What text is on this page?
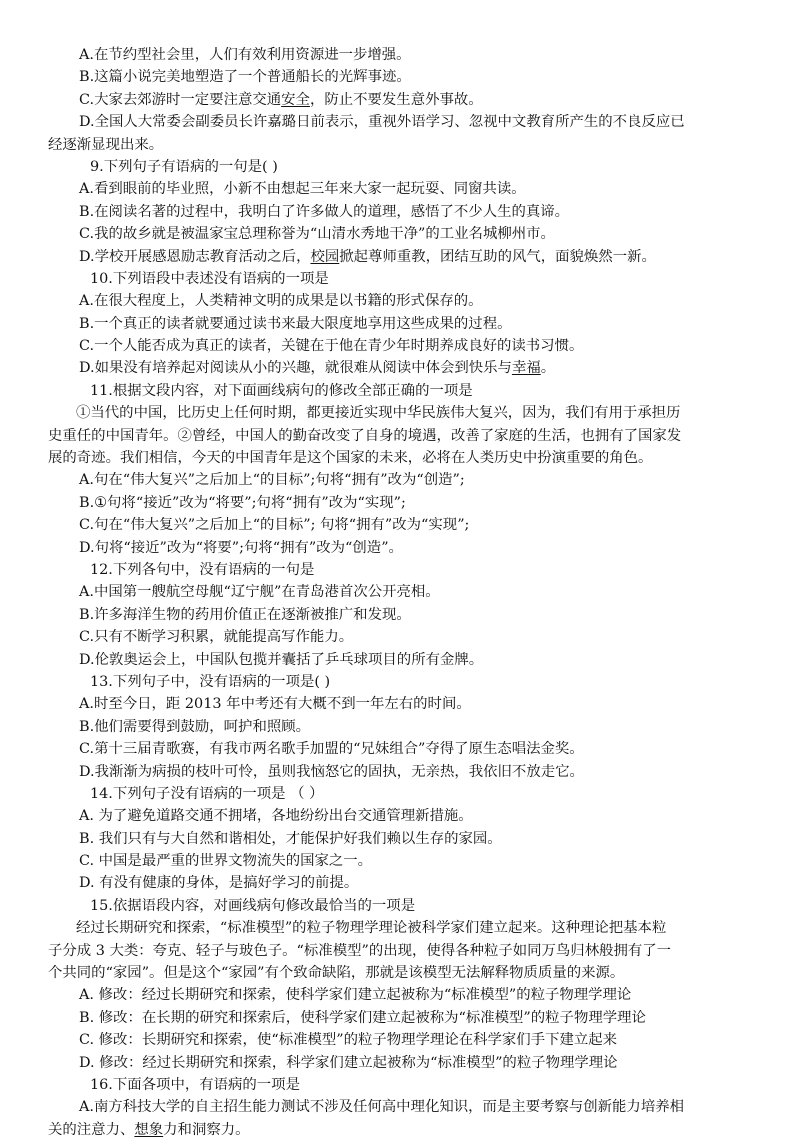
A.在节约型社会里，人们有效利用资源进一步增强。
B.这篇小说完美地塑造了一个普通船长的光辉事迹。
C.大家去郊游时一定要注意交通安全，防止不要发生意外事故。
D.全国人大常委会副委员长许嘉璐日前表示，重视外语学习、忽视中文教育所产生的不良反应已
经逐渐显现出来。
9.下列句子有语病的一句是( )
A.看到眼前的毕业照，小新不由想起三年来大家一起玩耍、同窗共读。
B.在阅读名著的过程中，我明白了许多做人的道理，感悟了不少人生的真谛。
C.我的故乡就是被温家宝总理称誉为“山清水秀地干净”的工业名城柳州市。
D.学校开展感恩励志教育活动之后，校园掀起尊师重教，团结互助的风气，面貌焕然一新。
10.下列语段中表述没有语病的一项是
A.在很大程度上，人类精神文明的成果是以书籍的形式保存的。
B.一个真正的读者就要通过读书来最大限度地享用这些成果的过程。
C.一个人能否成为真正的读者，关键在于他在青少年时期养成良好的读书习惯。
D.如果没有培养起对阅读从小的兴趣，就很难从阅读中体会到快乐与幸福。
11.根据文段内容，对下面画线病句的修改全部正确的一项是
①当代的中国，比历史上任何时期，都更接近实现中华民族伟大复兴，因为，我们有用于承担历
史重任的中国青年。②曾经，中国人的勤奋改变了自身的境遇，改善了家庭的生活，也拥有了国家发
展的奇迹。我们相信，今天的中国青年是这个国家的未来，必将在人类历史中扮演重要的角色。
A.句在“伟大复兴”之后加上“的目标”;句将“拥有”改为“创造”;
B.①句将“接近”改为“将要”;句将“拥有”改为“实现”;
C.句在“伟大复兴”之后加上“的目标”; 句将“拥有”改为“实现”;
D.句将“接近”改为“将要”;句将“拥有”改为“创造”。
12.下列各句中，没有语病的一句是
A.中国第一艘航空母舰“辽宁舰”在青岛港首次公开亮相。
B.许多海洋生物的药用价值正在逐渐被推广和发现。
C.只有不断学习积累，就能提高写作能力。
D.伦敦奥运会上，中国队包揽并囊括了乒乓球项目的所有金牌。
13.下列句子中，没有语病的一项是( )
A.时至今日，距 2013 年中考还有大概不到一年左右的时间。
B.他们需要得到鼓励，呵护和照顾。
C.第十三届青歌赛，有我市两名歌手加盟的“兄妹组合”夺得了原生态唱法金奖。
D.我渐渐为病损的枝叶可怜，虽则我恼怒它的固执，无亲热，我依旧不放走它。
14.下列句子没有语病的一项是 （ ）
A. 为了避免道路交通不拥堵，各地纷纷出台交通管理新措施。
B. 我们只有与大自然和谐相处，才能保护好我们赖以生存的家园。
C. 中国是最严重的世界文物流失的国家之一。
D. 有没有健康的身体，是搞好学习的前提。
15.依据语段内容，对画线病句修改最恰当的一项是
经过长期研究和探索，“标准模型”的粒子物理学理论被科学家们建立起来。这种理论把基本粒
子分成 3 大类：夸克、轻子与玻色子。“标准模型”的出现，使得各种粒子如同万鸟归林般拥有了一
个共同的“家园”。但是这个“家园”有个致命缺陷，那就是该模型无法解释物质质量的来源。
A. 修改：经过长期研究和探索，使科学家们建立起被称为“标准模型”的粒子物理学理论
B. 修改：在长期的研究和探索后，使科学家们建立起被称为“标准模型”的粒子物理学理论
C. 修改：长期研究和探索，使“标准模型”的粒子物理学理论在科学家们手下建立起来
D. 修改：经过长期研究和探索，科学家们建立起被称为“标准模型”的粒子物理学理论
16.下面各项中，有语病的一项是
A.南方科技大学的自主招生能力测试不涉及任何高中理化知识，而是主要考察与创新能力培养相
关的注意力、想象力和洞察力。
